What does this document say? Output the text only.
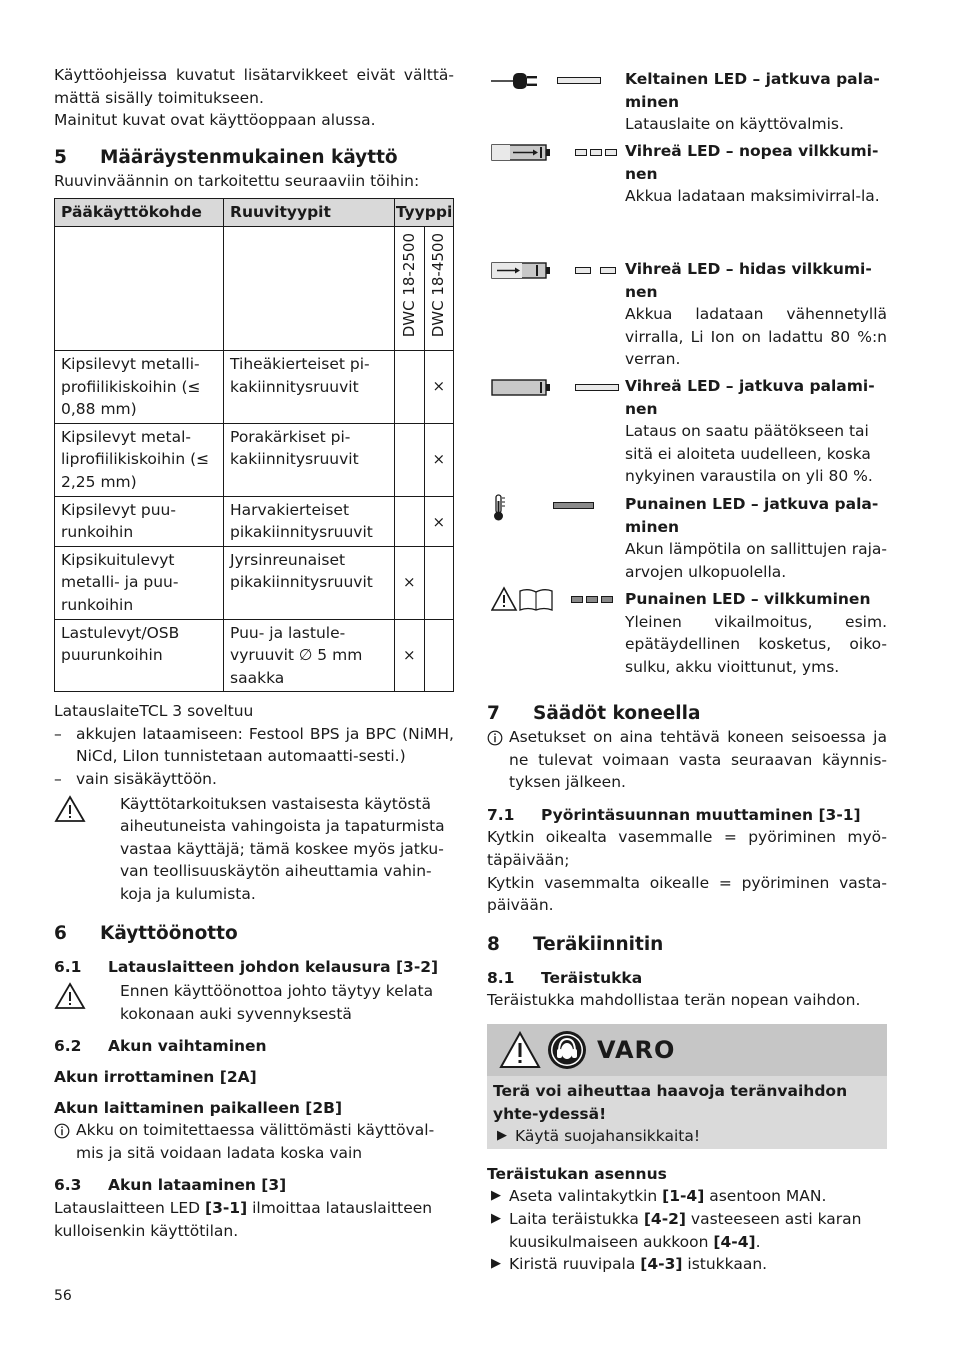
Käyttöohjeissa kuvatut lisätarvikkeet eivät välttä-mättä sisälly toimitukseen.

Mainitut kuvat ovat käyttöoppaan alussa.

5	Määräystenmukainen käyttö

Ruuvinväännin on tarkoitettu seuraaviin töihin:

Pääkäyttökohde	Ruuvityypit	Tyyppi	

		DWC 18-2500	DWC 18-4500

Kipsilevyt metalli-profiilikiskoihin (≤ 0,88 mm)	Tiheäkierteiset pi-kakiinnitysruuvit		×

Kipsilevyt metal-liprofiilikiskoihin (≤ 2,25 mm)	Porakärkiset pi-kakiinnitysruuvit		×

Kipsilevyt puu-runkoihin	Harvakierteiset pikakiinnitysruuvit		×

Kipsikuitulevyt metalli- ja puu-runkoihin	Jyrsinreunaiset pikakiinnitysruuvit	×	

Lastulevyt/OSB puurunkoihin	Puu- ja lastule-vyruuvit ∅ 5 mm saakka	×	

LatauslaiteTCL 3 soveltuu

– akkujen lataamiseen: Festool BPS ja BPC (NiMH, NiCd, LiIon tunnistetaan automaatti-sesti.)
– vain sisäkäyttöön.
Käyttötarkoituksen vastaisesta käytöstä aiheutuneista vahingoista ja tapaturmista vastaa käyttäjä; tämä koskee myös jatku-van teollisuuskäytön aiheuttamia vahin-koja ja kulumista.
6	Käyttöönotto
6.1	Latauslaitteen johdon kelausura [3-2]
Ennen käyttöönottoa johto täytyy kelata kokonaan auki syvennyksestä
6.2	Akun vaihtaminen

Akun irrottaminen [2A]

Akun laittaminen paikalleen [2B]

Akku on toimitettaessa välittömästi käyttöval-mis ja sitä voidaan ladata koska vain
6.3	Akun lataaminen [3]

Latauslaitteen LED [3-1] ilmoittaa latauslaitteen kulloisenkin käyttötilan.

Keltainen LED – jatkuva pala-minen

Latauslaite on käyttövalmis.

Vihreä LED – nopea vilkkumi-nen

Akkua ladataan maksimivirral-la.

Vihreä LED – hidas vilkkumi-nen

Akkua ladataan vähennetyllä virralla, Li Ion on ladattu 80 %:n verran.

Vihreä LED – jatkuva palami-nen

Lataus on saatu päätökseen tai sitä ei aloiteta uudelleen, koska nykyinen varaustila on yli 80 %.

Punainen LED – jatkuva pala-minen

Akun lämpötila on sallittujen raja-arvojen ulkopuolella.

Punainen LED – vilkkuminen

Yleinen vikailmoitus, esim. epätäydellinen kosketus, oiko-sulku, akku vioittunut, yms.

7	Säädöt koneella
Asetukset on aina tehtävä koneen seisoessa ja ne tulevat voimaan vasta seuraavan käynnis-tyksen jälkeen.
7.1	Pyörintäsuunnan muuttaminen [3-1]

Kytkin oikealta vasemmalle = pyöriminen myö-täpäivään;

Kytkin vasemmalta oikealle = pyöriminen vasta-päivään.

8	Teräkiinnitin
8.1	Teräistukka

Teräistukka mahdollistaa terän nopean vaihdon.

VARO

Terä voi aiheuttaa haavoja teränvaihdon yhte-ydessä!

▶ Käytä suojahansikkaita!

Teräistukan asennus

▶ Aseta valintakytkin [1-4] asentoon MAN.
▶ Laita teräistukka [4-2] vasteeseen asti karan kuusikulmaiseen aukkoon [4-4].
▶ Kiristä ruuvipala [4-3] istukkaan.
56
